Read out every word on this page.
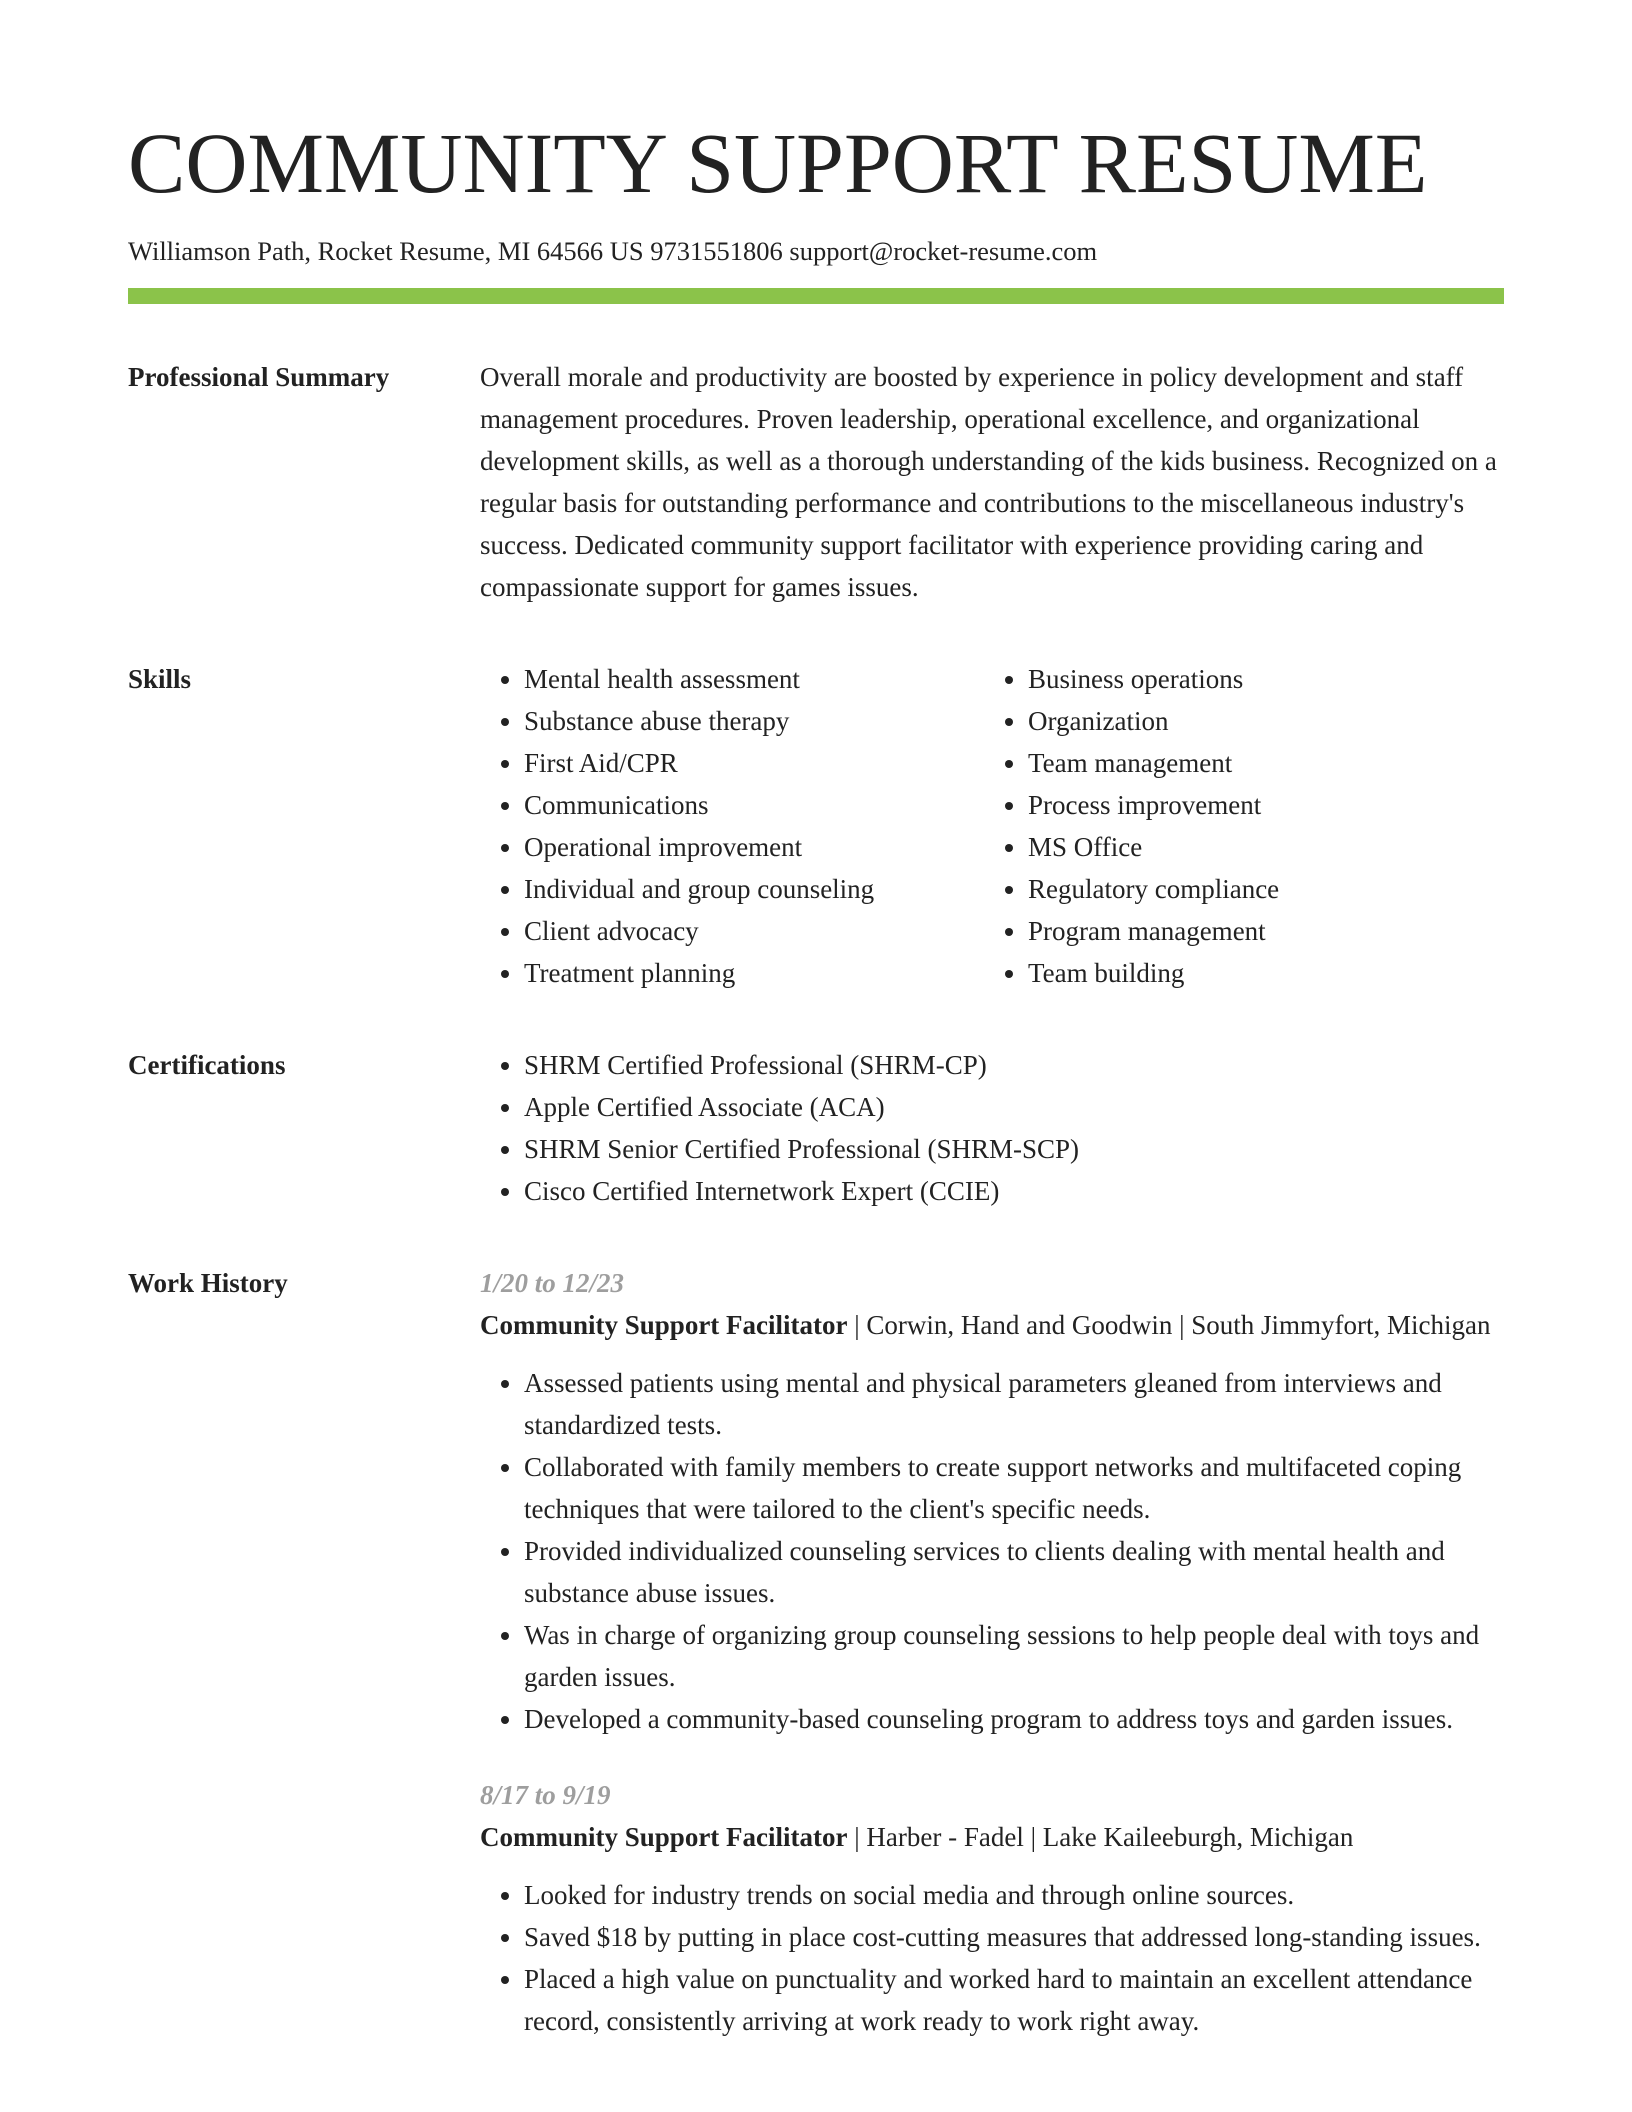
COMMUNITY SUPPORT RESUME
Williamson Path, Rocket Resume, MI 64566 US 9731551806 support@rocket-resume.com
Professional Summary	Overall morale and productivity are boosted by experience in policy development and staff management procedures. Proven leadership, operational excellence, and organizational development skills, as well as a thorough understanding of the kids business. Recognized on a regular basis for outstanding performance and contributions to the miscellaneous industry's success. Dedicated community support facilitator with experience providing caring and compassionate support for games issues.

Skills	• Mental health assessment
• Substance abuse therapy
• First Aid/CPR
• Communications
• Operational improvement
• Individual and group counseling
• Client advocacy
• Treatment planning
• Business operations
• Organization
• Team management
• Process improvement
• MS Office
• Regulatory compliance
• Program management
• Team building
Certifications	• SHRM Certified Professional (SHRM-CP)
• Apple Certified Associate (ACA)
• SHRM Senior Certified Professional (SHRM-SCP)
• Cisco Certified Internetwork Expert (CCIE)
Work History	1/20 to 12/23

Community Support Facilitator | Corwin, Hand and Goodwin | South Jimmyfort, Michigan

• Assessed patients using mental and physical parameters gleaned from interviews and standardized tests.
• Collaborated with family members to create support networks and multifaceted coping techniques that were tailored to the client's specific needs.
• Provided individualized counseling services to clients dealing with mental health and substance abuse issues.
• Was in charge of organizing group counseling sessions to help people deal with toys and garden issues.
• Developed a community-based counseling program to address toys and garden issues.
8/17 to 9/19

Community Support Facilitator | Harber - Fadel | Lake Kaileeburgh, Michigan

• Looked for industry trends on social media and through online sources.
• Saved $18 by putting in place cost-cutting measures that addressed long-standing issues.
• Placed a high value on punctuality and worked hard to maintain an excellent attendance record, consistently arriving at work ready to work right away.
